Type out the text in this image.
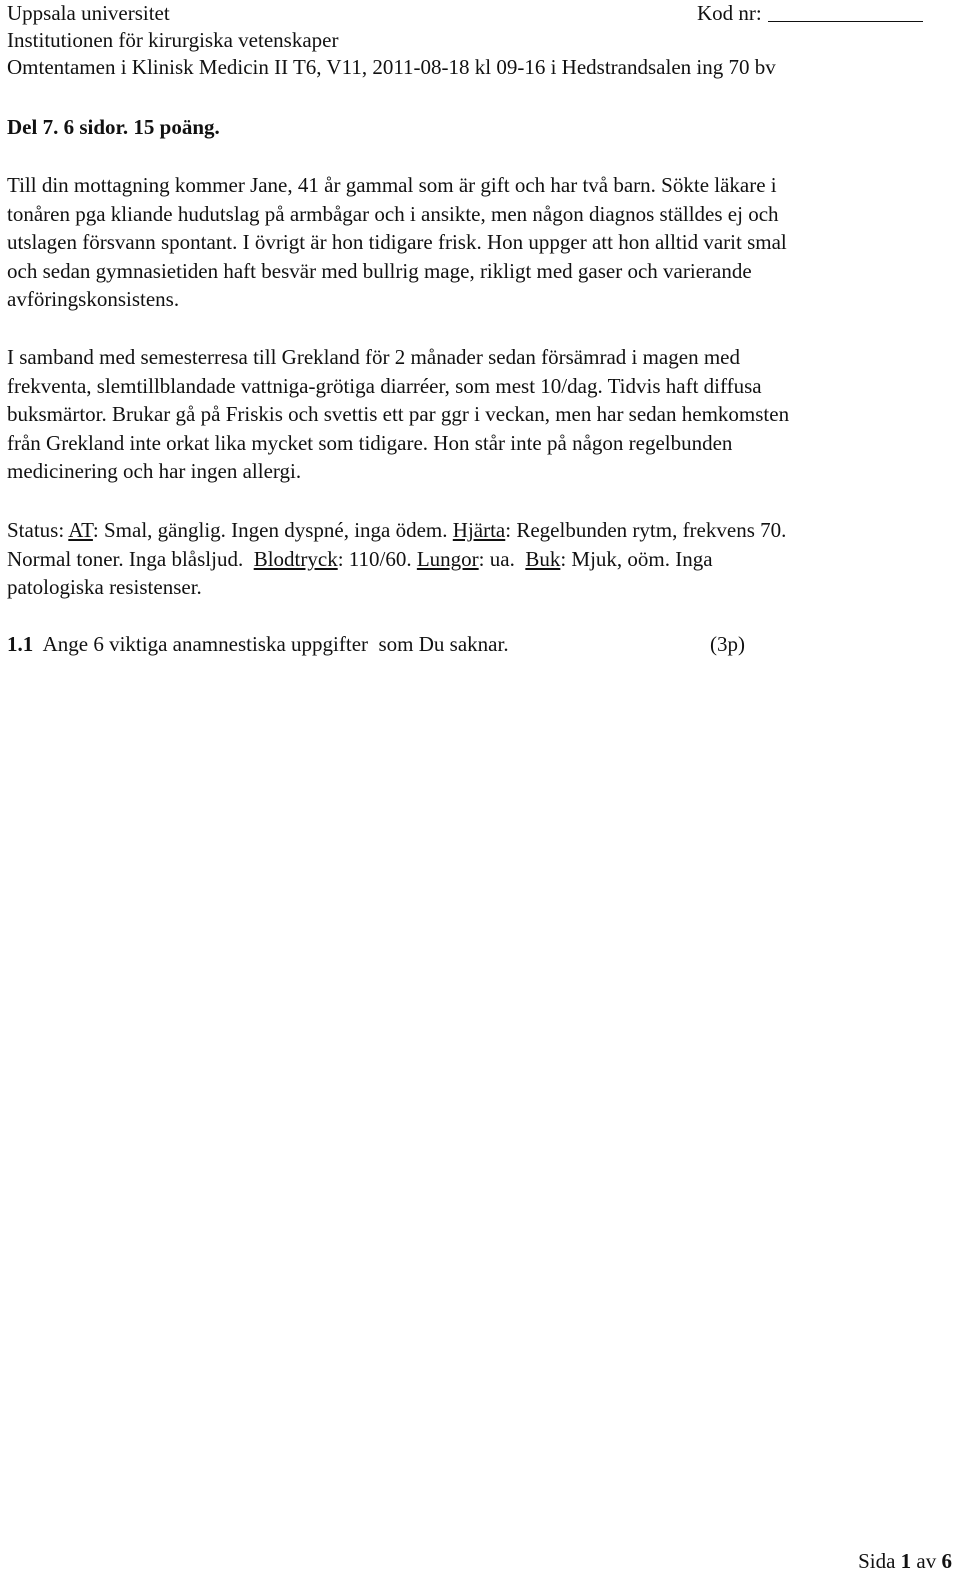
Uppsala universitet	Kod nr:
Institutionen för kirurgiska vetenskaper
Omtentamen i Klinisk Medicin II T6, V11, 2011-08-18 kl 09-16 i Hedstrandsalen ing 70 bv
Del 7. 6 sidor. 15 poäng.
Till din mottagning kommer Jane, 41 år gammal som är gift och har två barn. Sökte läkare i
tonåren pga kliande hudutslag på armbågar och i ansikte, men någon diagnos ställdes ej och
utslagen försvann spontant. I övrigt är hon tidigare frisk. Hon uppger att hon alltid varit smal
och sedan gymnasietiden haft besvär med bullrig mage, rikligt med gaser och varierande
avföringskonsistens.
I samband med semesterresa till Grekland för 2 månader sedan försämrad i magen med
frekventa, slemtillblandade vattniga-grötiga diarréer, som mest 10/dag. Tidvis haft diffusa
buksmärtor. Brukar gå på Friskis och svettis ett par ggr i veckan, men har sedan hemkomsten
från Grekland inte orkat lika mycket som tidigare. Hon står inte på någon regelbunden
medicinering och har ingen allergi.
Status: AT: Smal, gänglig. Ingen dyspné, inga ödem. Hjärta: Regelbunden rytm, frekvens 70.
Normal toner. Inga blåsljud.  Blodtryck: 110/60. Lungor: ua.  Buk: Mjuk, oöm. Inga
patologiska resistenser.
1.1 Ange 6 viktiga anamnestiska uppgifter  som Du saknar.	(3p)
Sida 1 av 6
